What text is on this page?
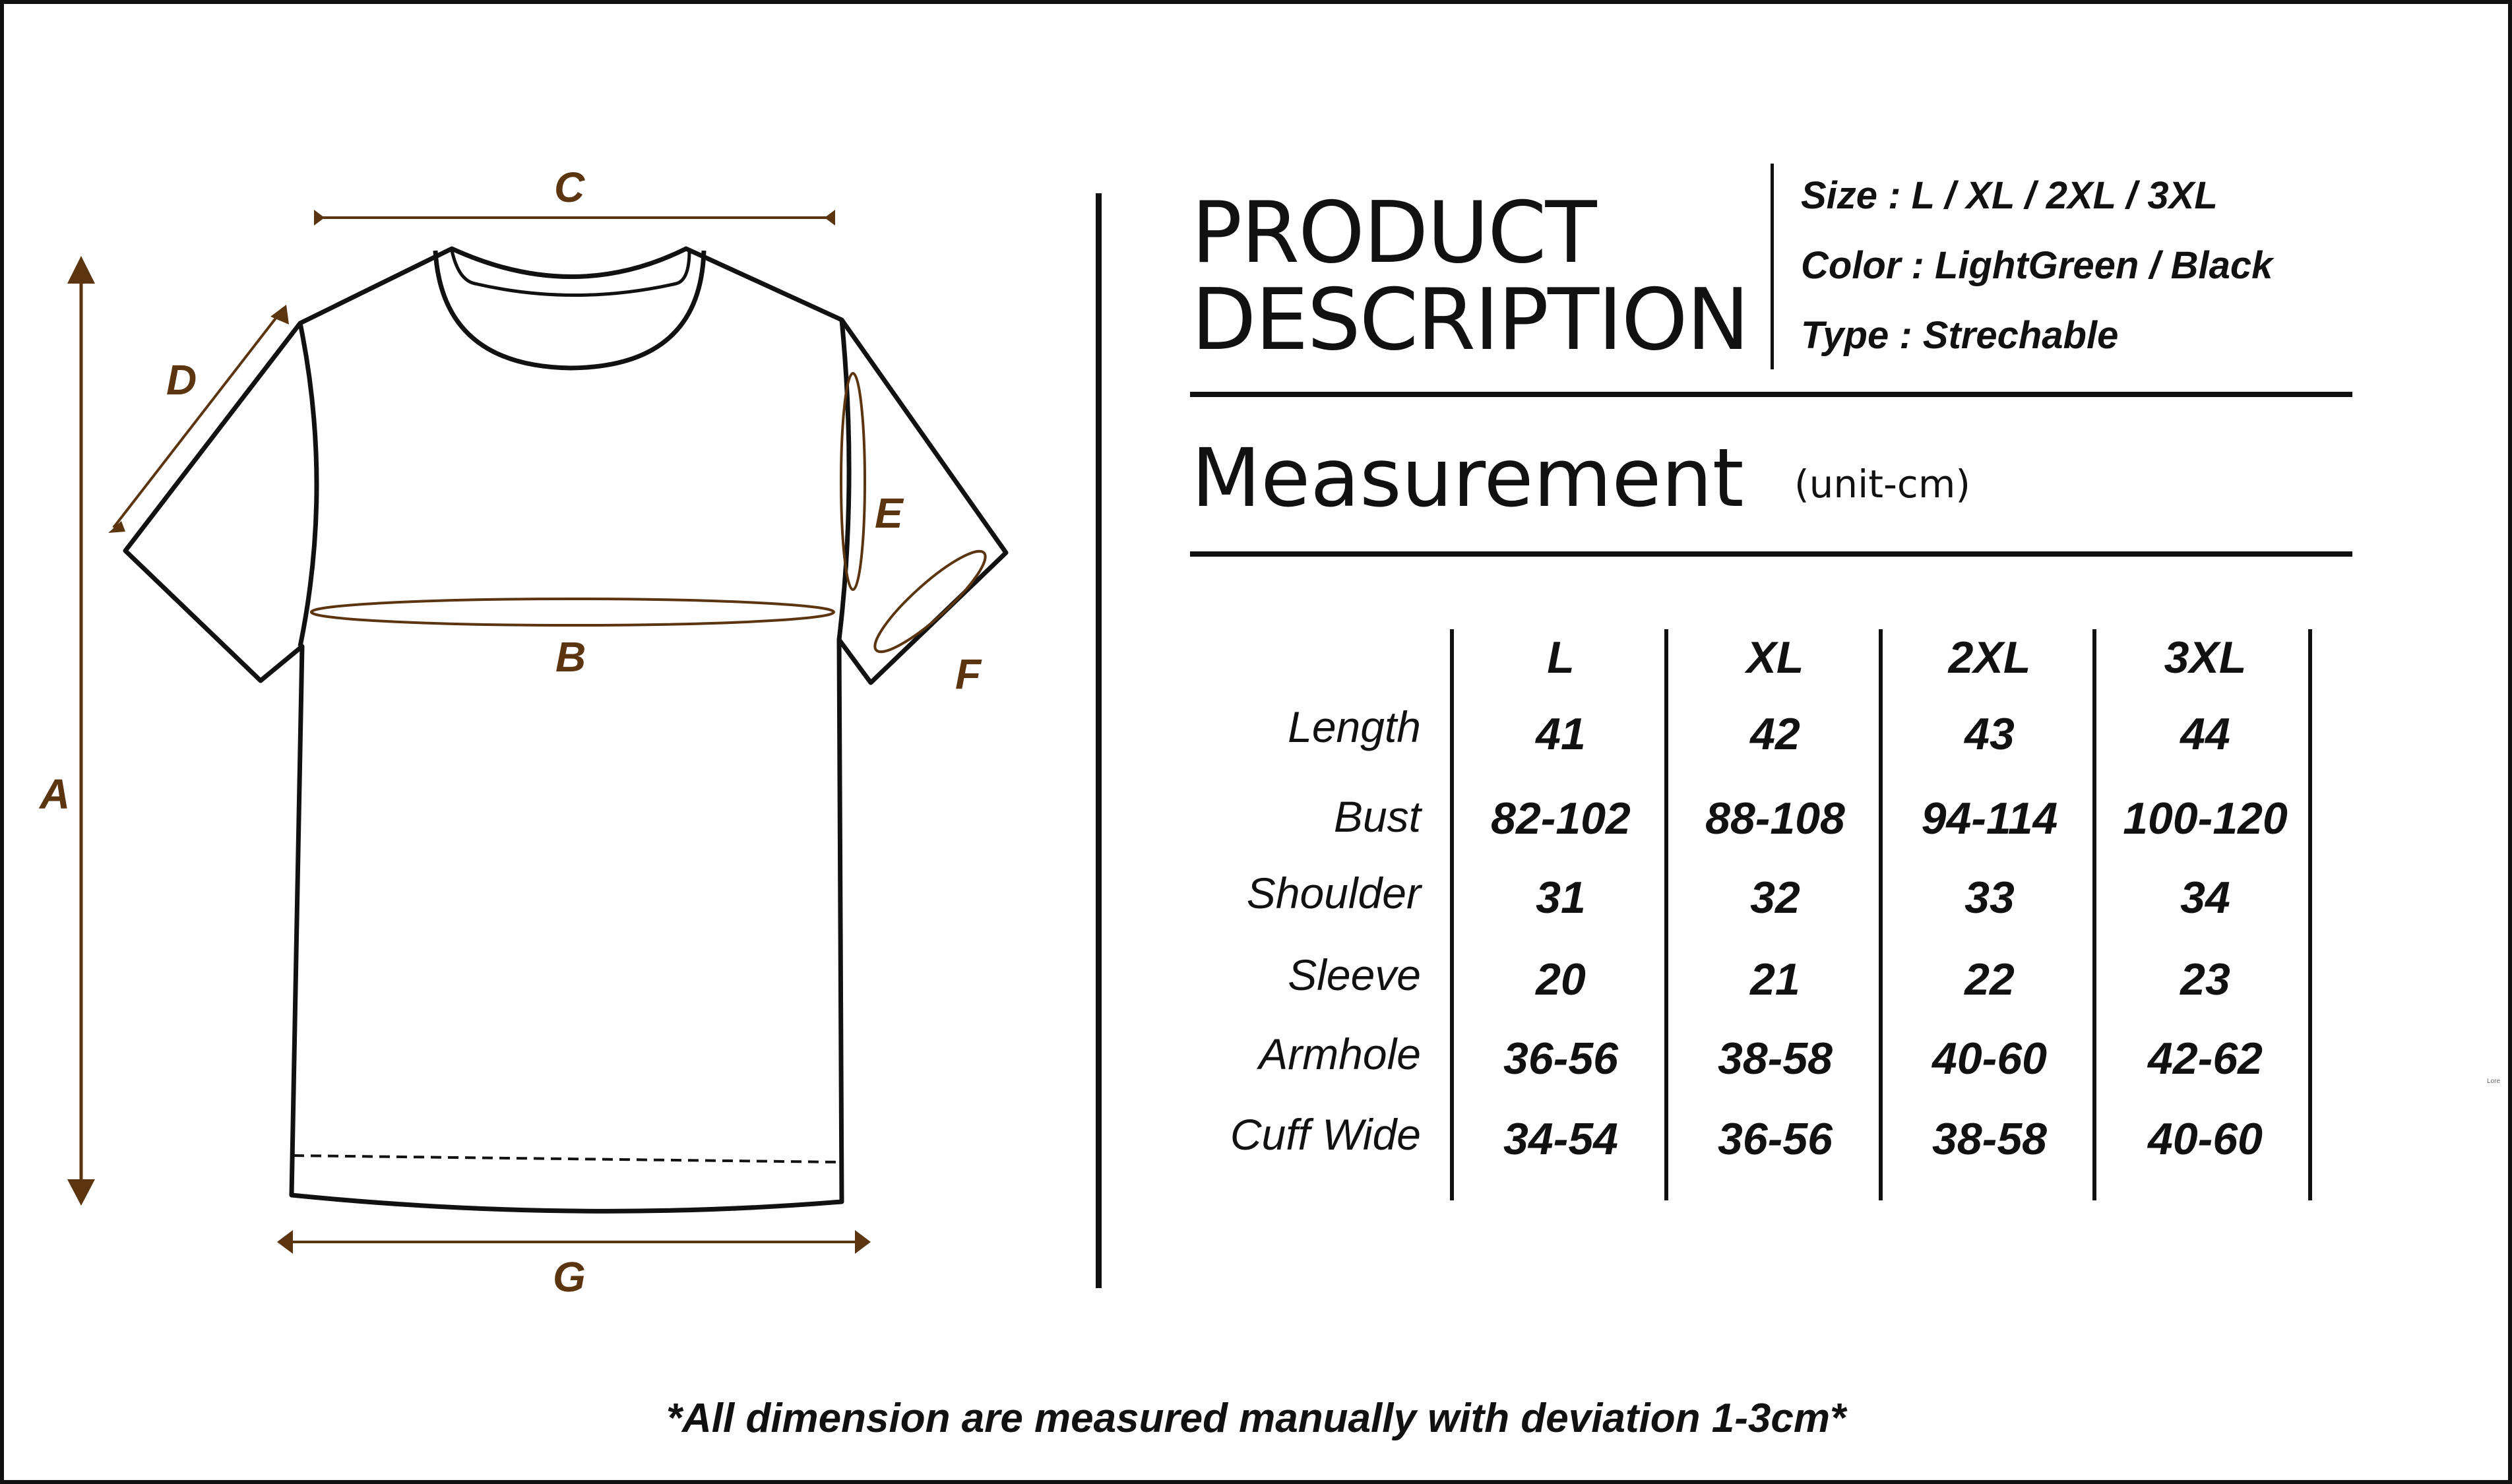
A
B
C
D
E
F
G
PRODUCT
DESCRIPTION
Size : L / XL / 2XL / 3XL
Color : LightGreen / Black
Type : Strechable
Measurement (unit-cm)
L	XL	2XL	3XL
Length	41	42	43	44
Bust	82-102	88-108	94-114	100-120
Shoulder	31	32	33	34
Sleeve	20	21	22	23
Armhole	36-56	38-58	40-60	42-62
Cuff Wide	34-54	36-56	38-58	40-60
*All dimension are measured manually with deviation 1-3cm*
Lore
